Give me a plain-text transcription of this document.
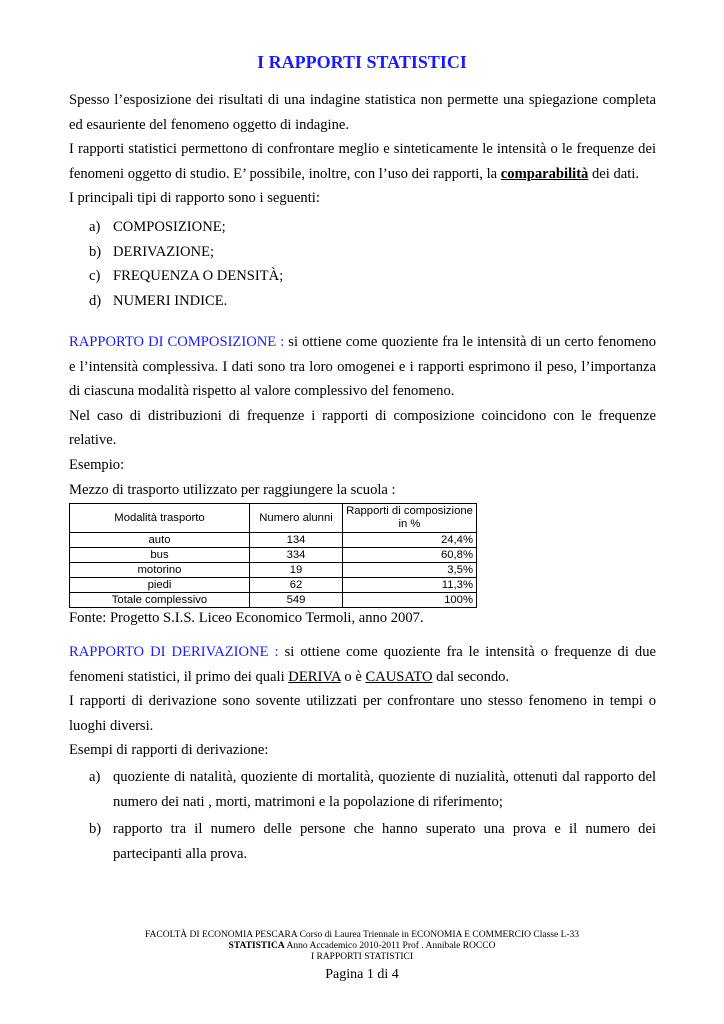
I RAPPORTI STATISTICI
Spesso l’esposizione dei risultati di una indagine statistica non permette una spiegazione completa
ed esauriente del fenomeno oggetto di indagine.
I rapporti statistici permettono di confrontare meglio e sinteticamente le intensità o le frequenze dei
fenomeni oggetto di studio. E’ possibile, inoltre, con l’uso dei rapporti, la comparabilità dei dati.
I principali tipi di rapporto sono i seguenti:
a) COMPOSIZIONE;
b) DERIVAZIONE;
c) FREQUENZA O DENSITÀ;
d) NUMERI INDICE.
RAPPORTO DI COMPOSIZIONE : si ottiene come quoziente fra le intensità di un certo fenomeno
e l’intensità complessiva. I dati sono tra loro omogenei e i rapporti esprimono il peso, l’importanza
di ciascuna modalità rispetto al valore complessivo del fenomeno.
Nel caso di distribuzioni di frequenze i rapporti di composizione coincidono con le frequenze
relative.
Esempio:
Mezzo di trasporto utilizzato per raggiungere la scuola :
Modalità trasporto	Numero alunni	Rapporti di composizione in %
auto	134	24,4%
bus	334	60,8%
motorino	19	3,5%
piedi	62	11,3%
Totale complessivo	549	100%
Fonte: Progetto S.I.S. Liceo Economico Termoli, anno 2007.
RAPPORTO DI DERIVAZIONE : si ottiene come quoziente fra le intensità o frequenze di due
fenomeni statistici, il primo dei quali DERIVA o è CAUSATO dal secondo.
I rapporti di derivazione sono sovente utilizzati per confrontare uno stesso fenomeno in tempi o
luoghi diversi.
Esempi di rapporti di derivazione:
a) quoziente di natalità, quoziente di mortalità, quoziente di nuzialità, ottenuti dal rapporto del
numero dei nati , morti, matrimoni e la popolazione di riferimento;
b) rapporto tra il numero delle persone che hanno superato una prova e il numero dei
partecipanti alla prova.
FACOLTÀ DI ECONOMIA PESCARA Corso di Laurea Triennale in ECONOMIA E COMMERCIO Classe L-33
STATISTICA Anno Accademico 2010-2011 Prof . Annibale ROCCO
I RAPPORTI STATISTICI
Pagina 1 di 4
